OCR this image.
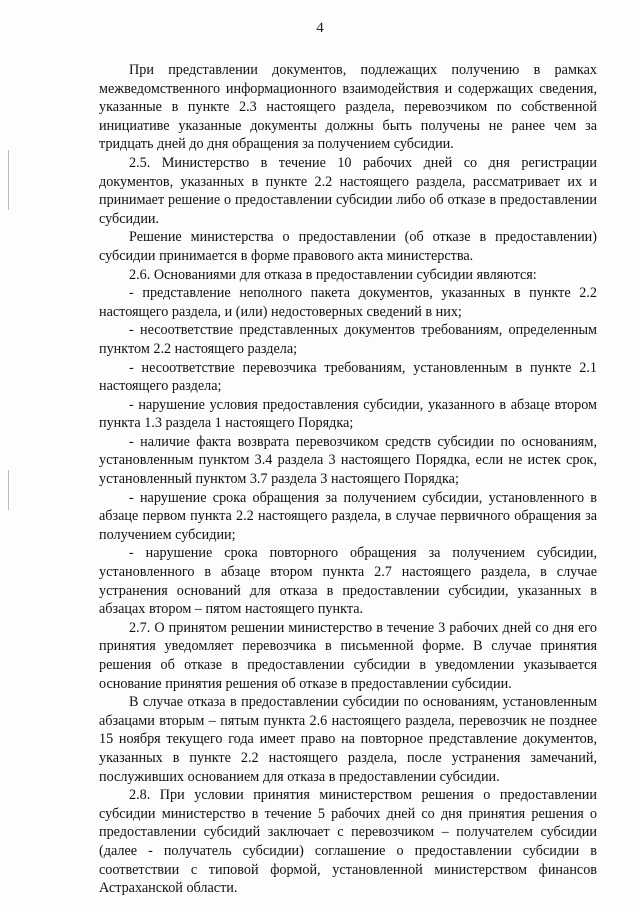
4

При представлении документов, подлежащих получению в рамках межведомственного информационного взаимодействия и содержащих сведения, указанные в пункте 2.3 настоящего раздела, перевозчиком по собственной инициативе указанные документы должны быть получены не ранее чем за тридцать дней до дня обращения за получением субсидии.

2.5. Министерство в течение 10 рабочих дней со дня регистрации документов, указанных в пункте 2.2 настоящего раздела, рассматривает их и принимает решение о предоставлении субсидии либо об отказе в предоставлении субсидии.

Решение министерства о предоставлении (об отказе в предоставлении) субсидии принимается в форме правового акта министерства.

2.6. Основаниями для отказа в предоставлении субсидии являются:

- представление неполного пакета документов, указанных в пункте 2.2 настоящего раздела, и (или) недостоверных сведений в них;

- несоответствие представленных документов требованиям, определенным пунктом 2.2 настоящего раздела;

- несоответствие перевозчика требованиям, установленным в пункте 2.1 настоящего раздела;

- нарушение условия предоставления субсидии, указанного в абзаце втором пункта 1.3 раздела 1 настоящего Порядка;

- наличие факта возврата перевозчиком средств субсидии по основаниям, установленным пунктом 3.4 раздела 3 настоящего Порядка, если не истек срок, установленный пунктом 3.7 раздела 3 настоящего Порядка;

- нарушение срока обращения за получением субсидии, установленного в абзаце первом пункта 2.2 настоящего раздела, в случае первичного обращения за получением субсидии;

- нарушение срока повторного обращения за получением субсидии, установленного в абзаце втором пункта 2.7 настоящего раздела, в случае устранения оснований для отказа в предоставлении субсидии, указанных в абзацах втором – пятом настоящего пункта.

2.7. О принятом решении министерство в течение 3 рабочих дней со дня его принятия уведомляет перевозчика в письменной форме. В случае принятия решения об отказе в предоставлении субсидии в уведомлении указывается основание принятия решения об отказе в предоставлении субсидии.

В случае отказа в предоставлении субсидии по основаниям, установленным абзацами вторым – пятым пункта 2.6 настоящего раздела, перевозчик не позднее 15 ноября текущего года имеет право на повторное представление документов, указанных в пункте 2.2 настоящего раздела, после устранения замечаний, послуживших основанием для отказа в предоставлении субсидии.

2.8. При условии принятия министерством решения о предоставлении субсидии министерство в течение 5 рабочих дней со дня принятия решения о предоставлении субсидий заключает с перевозчиком – получателем субсидии (далее - получатель субсидии) соглашение о предоставлении субсидии в соответствии с типовой формой, установленной министерством финансов Астраханской области.
